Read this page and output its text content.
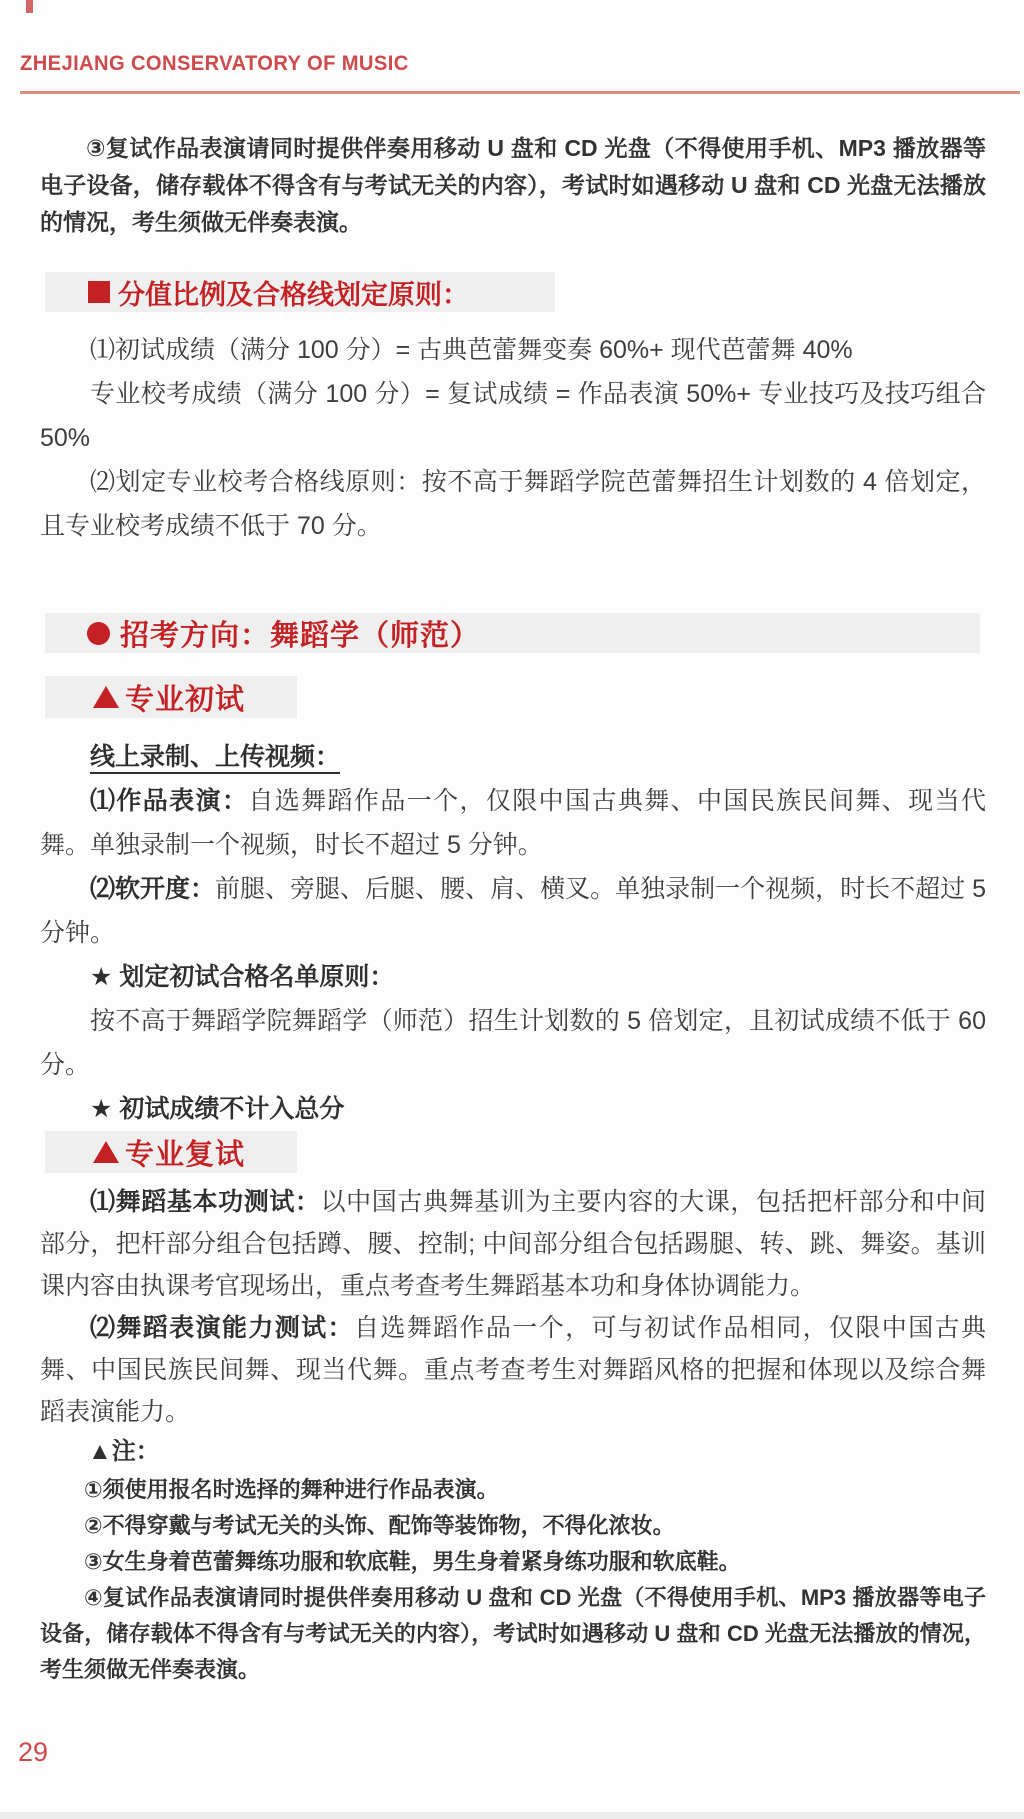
ZHEJIANG CONSERVATORY OF MUSIC

③复试作品表演请同时提供伴奏用移动 U 盘和 CD 光盘（不得使用手机、MP3 播放器等电子设备，储存载体不得含有与考试无关的内容），考试时如遇移动 U 盘和 CD 光盘无法播放的情况，考生须做无伴奏表演。

分值比例及合格线划定原则：

⑴初试成绩（满分 100 分）= 古典芭蕾舞变奏 60%+ 现代芭蕾舞 40%

专业校考成绩（满分 100 分）= 复试成绩 = 作品表演 50%+ 专业技巧及技巧组合 50%

⑵划定专业校考合格线原则：按不高于舞蹈学院芭蕾舞招生计划数的 4 倍划定，且专业校考成绩不低于 70 分。

招考方向：舞蹈学（师范）
专业初试

线上录制、上传视频：

⑴作品表演：自选舞蹈作品一个，仅限中国古典舞、中国民族民间舞、现当代舞。单独录制一个视频，时长不超过 5 分钟。

⑵软开度：前腿、旁腿、后腿、腰、肩、横叉。单独录制一个视频，时长不超过 5 分钟。

★ 划定初试合格名单原则：

按不高于舞蹈学院舞蹈学（师范）招生计划数的 5 倍划定，且初试成绩不低于 60 分。

★ 初试成绩不计入总分

专业复试

⑴舞蹈基本功测试：以中国古典舞基训为主要内容的大课，包括把杆部分和中间部分，把杆部分组合包括蹲、腰、控制; 中间部分组合包括踢腿、转、跳、舞姿。基训课内容由执课考官现场出，重点考查考生舞蹈基本功和身体协调能力。

⑵舞蹈表演能力测试：自选舞蹈作品一个，可与初试作品相同，仅限中国古典舞、中国民族民间舞、现当代舞。重点考查考生对舞蹈风格的把握和体现以及综合舞蹈表演能力。

▲注：

①须使用报名时选择的舞种进行作品表演。

②不得穿戴与考试无关的头饰、配饰等装饰物，不得化浓妆。

③女生身着芭蕾舞练功服和软底鞋，男生身着紧身练功服和软底鞋。

④复试作品表演请同时提供伴奏用移动 U 盘和 CD 光盘（不得使用手机、MP3 播放器等电子设备，储存载体不得含有与考试无关的内容），考试时如遇移动 U 盘和 CD 光盘无法播放的情况，考生须做无伴奏表演。

29
